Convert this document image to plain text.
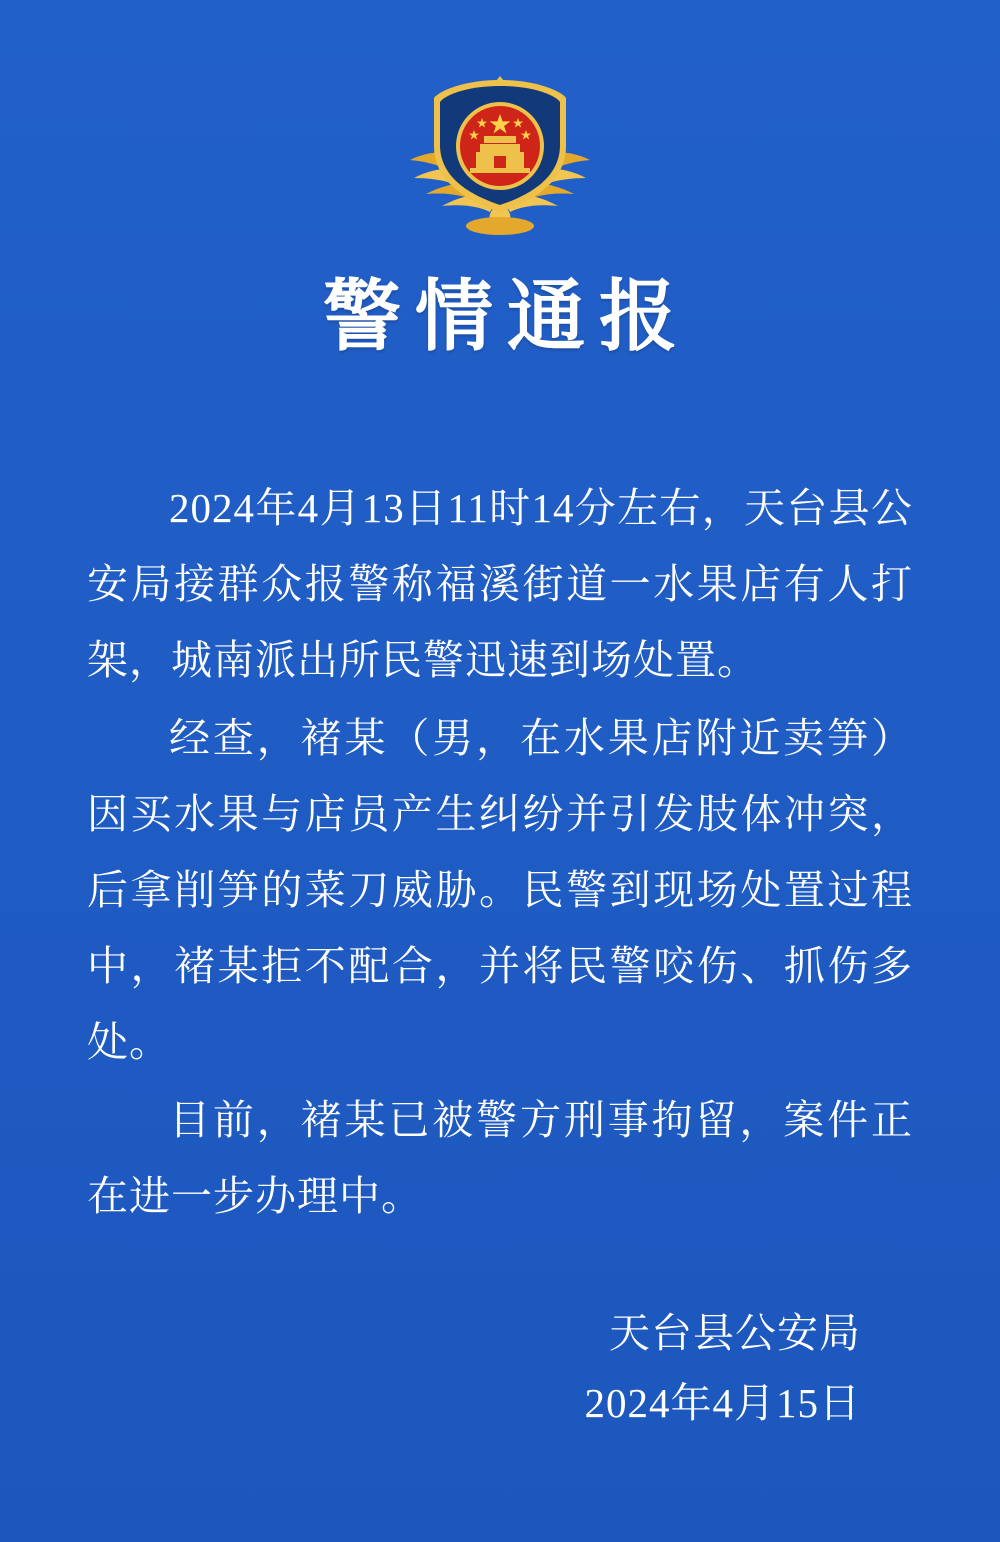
警情通报

2024年4月13日11时14分左右，天台县公安局接群众报警称福溪街道一水果店有人打架，城南派出所民警迅速到场处置。

经查，褚某（男，在水果店附近卖笋）因买水果与店员产生纠纷并引发肢体冲突，后拿削笋的菜刀威胁。民警到现场处置过程中，褚某拒不配合，并将民警咬伤、抓伤多处。

目前，褚某已被警方刑事拘留，案件正在进一步办理中。

天台县公安局
2024年4月15日
